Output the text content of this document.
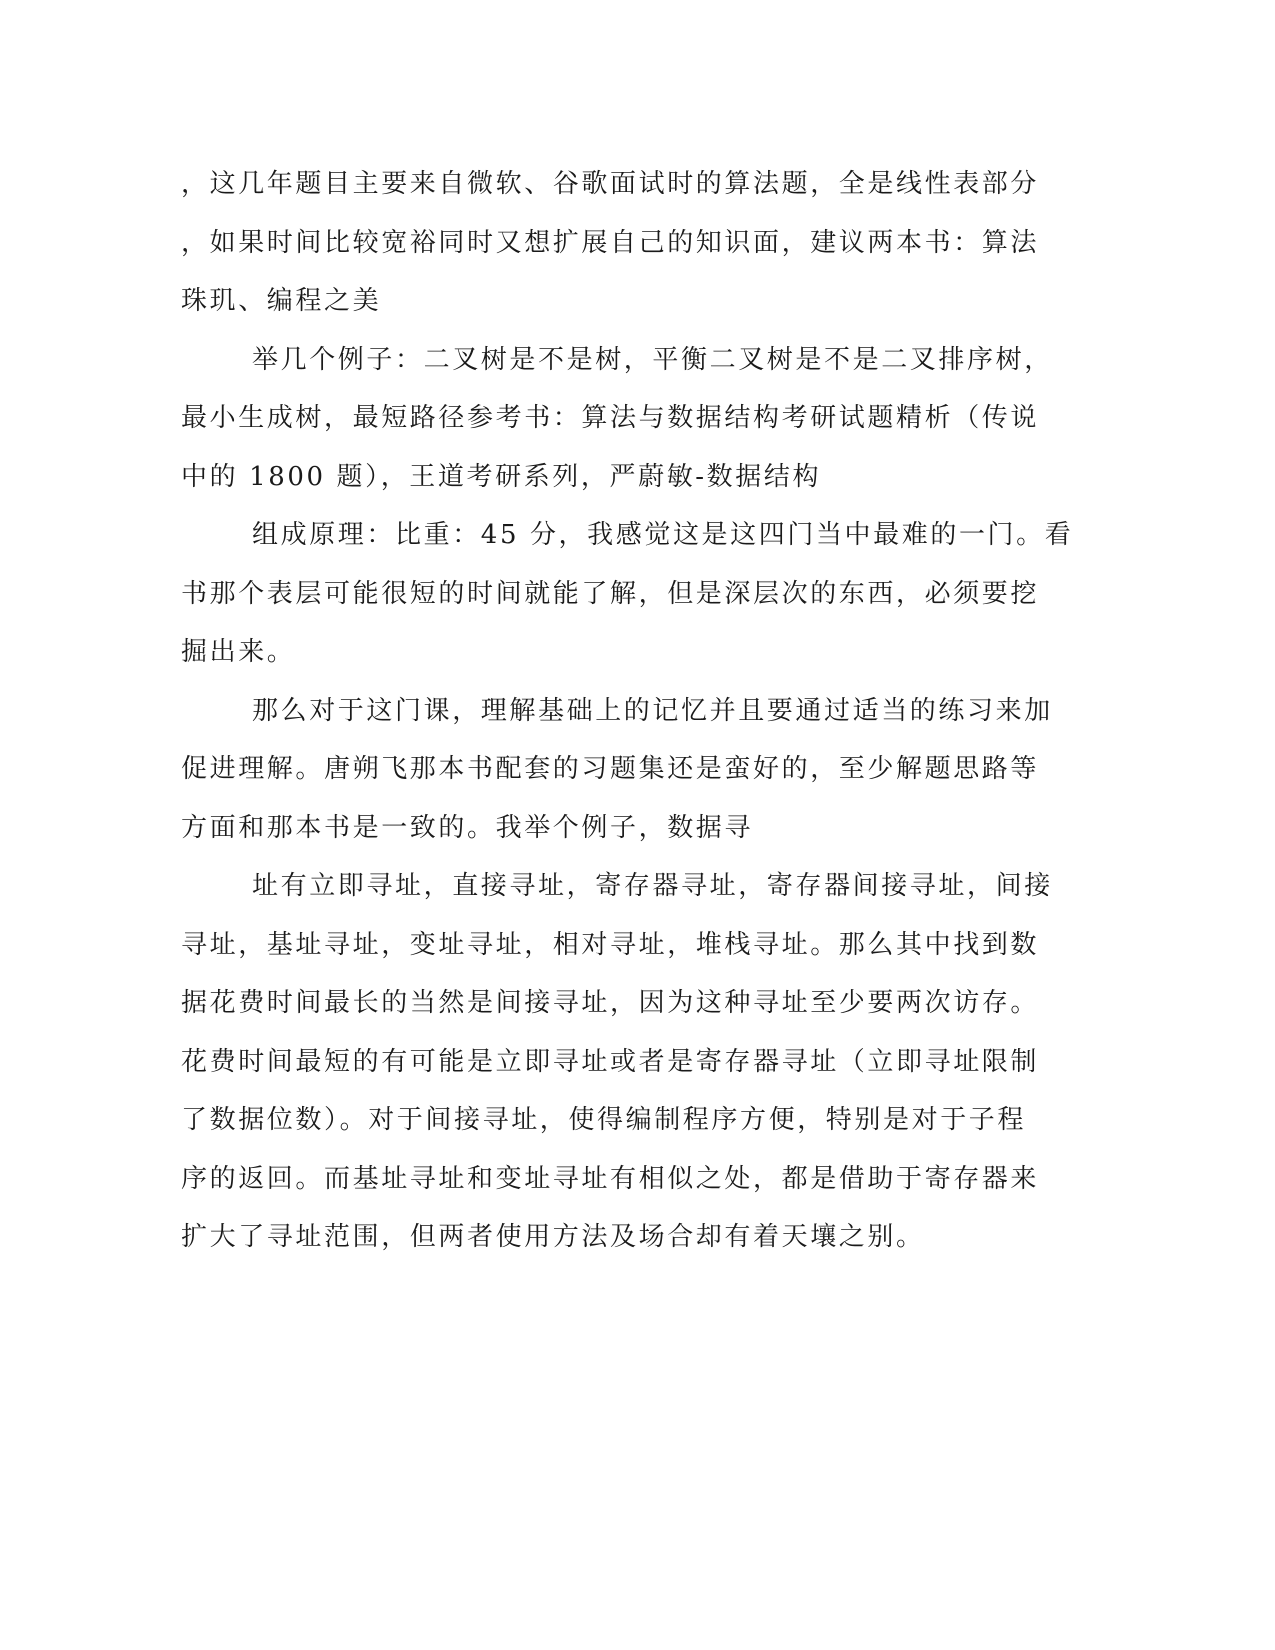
，这几年题目主要来自微软、谷歌面试时的算法题，全是线性表部分
，如果时间比较宽裕同时又想扩展自己的知识面，建议两本书：算法
珠玑、编程之美
举几个例子：二叉树是不是树，平衡二叉树是不是二叉排序树，
最小生成树，最短路径参考书：算法与数据结构考研试题精析（传说
中的 1800 题），王道考研系列，严蔚敏-数据结构
组成原理：比重：45 分，我感觉这是这四门当中最难的一门。看
书那个表层可能很短的时间就能了解，但是深层次的东西，必须要挖
掘出来。
那么对于这门课，理解基础上的记忆并且要通过适当的练习来加
促进理解。唐朔飞那本书配套的习题集还是蛮好的，至少解题思路等
方面和那本书是一致的。我举个例子，数据寻
址有立即寻址，直接寻址，寄存器寻址，寄存器间接寻址，间接
寻址，基址寻址，变址寻址，相对寻址，堆栈寻址。那么其中找到数
据花费时间最长的当然是间接寻址，因为这种寻址至少要两次访存。
花费时间最短的有可能是立即寻址或者是寄存器寻址（立即寻址限制
了数据位数）。对于间接寻址，使得编制程序方便，特别是对于子程
序的返回。而基址寻址和变址寻址有相似之处，都是借助于寄存器来
扩大了寻址范围，但两者使用方法及场合却有着天壤之别。
